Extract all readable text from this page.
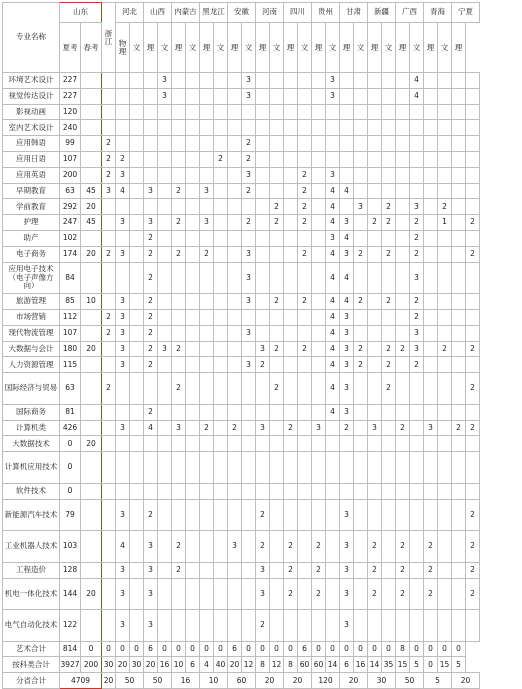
专业名称	山东		浙江	河北		山西		内蒙古		黑龙江		安徽		河南		四川		贵州		甘肃		新疆		广西		青海		宁夏	
	夏考	春考		物理	文	理	文	理	文	理	文	理	文	理	文	理	文	理	文	理	文	理	文	理	文	理	文	理	
环境艺术设计	227						3						3						3						4				
视觉传达设计	227						3						3						3						4				
影视动画	120																												
室内艺术设计	240																												
应用韩语	99		2										2																
应用日语	107		2	2							2		2																
应用英语	200		2	3									3				2		3										
早期教育	63	45	3	4		3		2		3			2				2		4	4									
学前教育	292	20													2		2		4		3		2		3		2		
护理	247	45		3		3		2		3			2		2		2		4	3		2	2		2		1		2
助产	102					2													3	4					2				
电子商务	174	20	2	3		2		2		2			3				2		4	3	2		2		2				2
应用电子技术（电子声像方向）	84					2							3						4	4					3				
旅游管理	85	10		3		2							3		2		2		4	4	2		2		2				
市场营销	112		2	3		2													4	3					2				
现代物流管理	107		2	3		2							3						4	3					3				
大数据与会计	180	20		3		2	3	2						3	2		2		4	3	2		2	2	3		2		2
人力资源管理	115			3		2							3	2					4	3	2		2		2				
国际经济与贸易	63		2					2							2				4	3			2						2
国际商务	81					2													4	3									
计算机类	426			3		4		3		2		2		3		2		3		2		3		2		3		2	2
大数据技术	0	20																											
计算机应用技术	0																												
软件技术	0																												
新能源汽车技术	79			3		2								2						3									2
工业机器人技术	103			4		3		2				3		2		2		2		3		2		2		2			2
工程造价	128			3		3		2						3		2		2		3		2		2		2			2
机电一体化技术	144	20		3		3								3		2		2		3		2		2		2			2
电气自动化技术	122			3		3								2						3									
艺术合计	814	0	0	0	0	6	0	0	0	0	0	6	0	0	0	0	6	0	0	0	0	0	0	8	0	0	0	0	
按科类合计	3927	200	30	20	30	20	16	10	6	4	40	20	12	8	12	8	60	60	14	6	16	14	35	15	5	0	15	5	
分省合计	4709		20	50		50		16		10		60		20		20		120		20		30		50		5		20	
